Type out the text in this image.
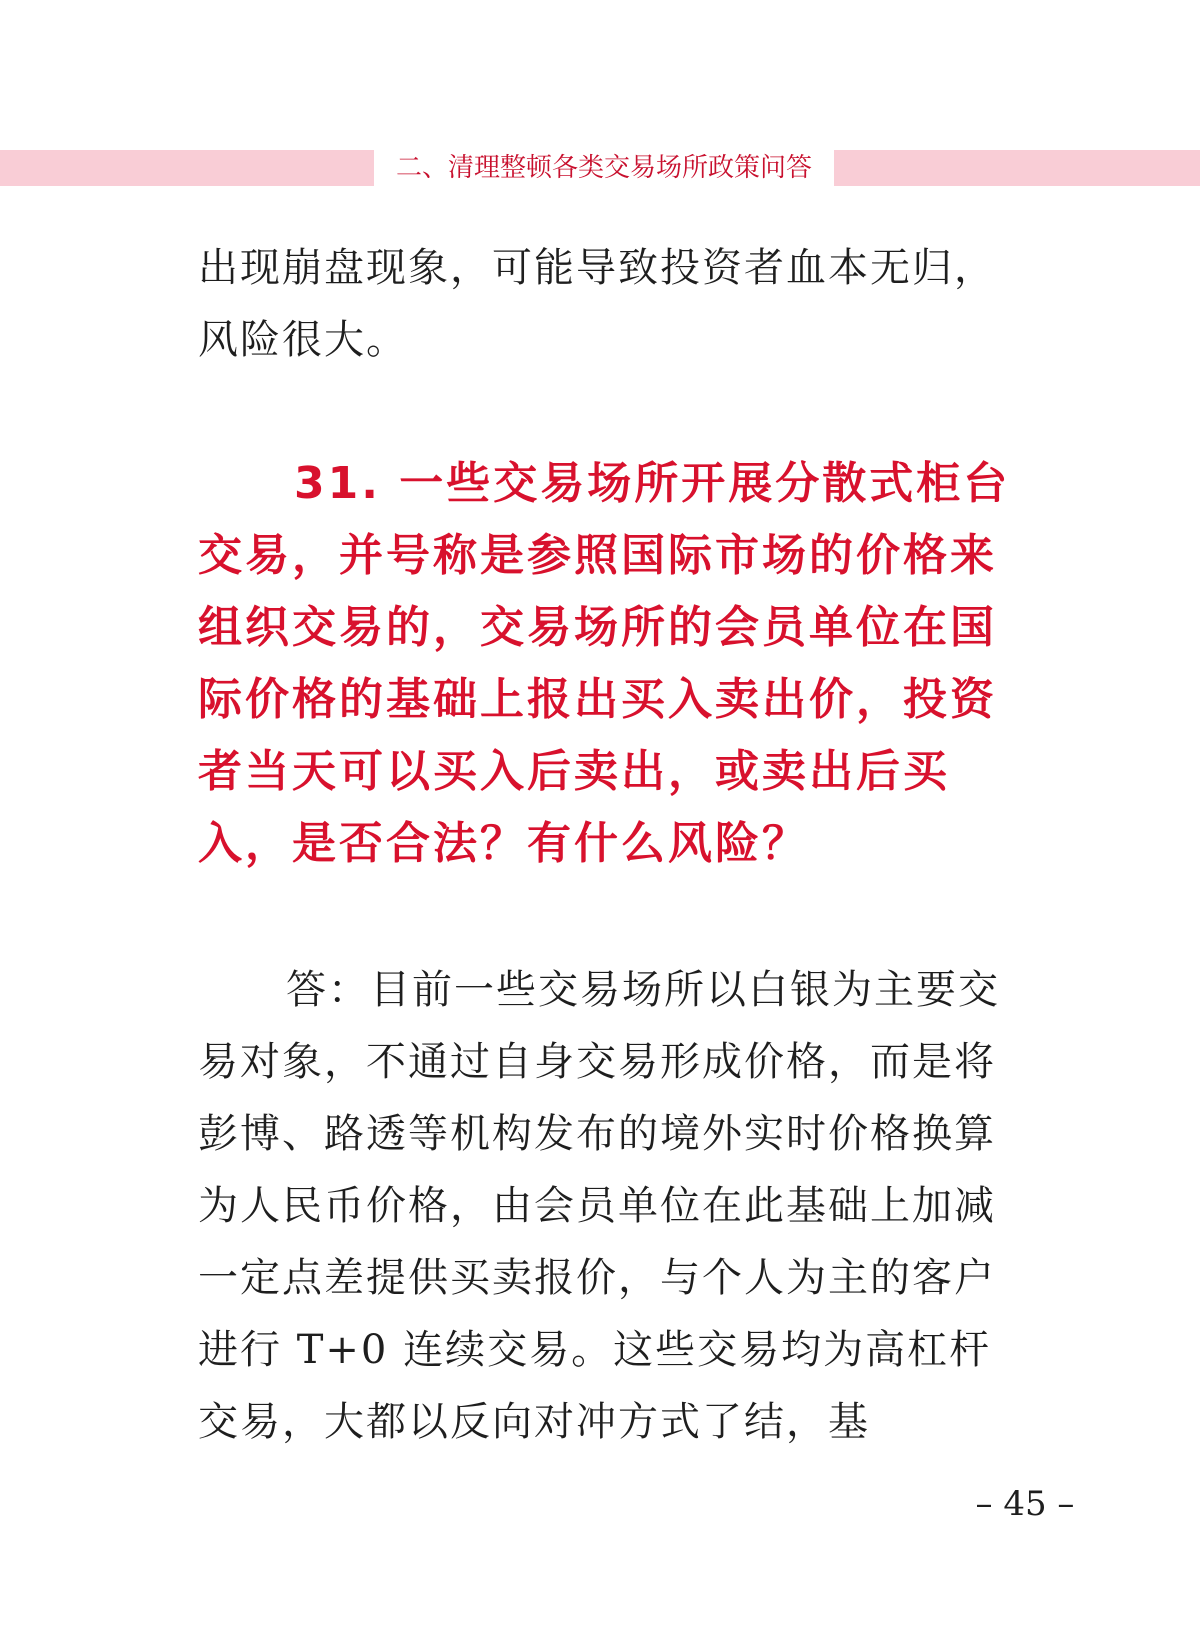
二、清理整顿各类交易场所政策问答

出现崩盘现象，可能导致投资者血本无归，风险很大。

31. 一些交易场所开展分散式柜台交易，并号称是参照国际市场的价格来组织交易的，交易场所的会员单位在国际价格的基础上报出买入卖出价，投资者当天可以买入后卖出，或卖出后买入，是否合法？有什么风险？

答：目前一些交易场所以白银为主要交易对象，不通过自身交易形成价格，而是将彭博、路透等机构发布的境外实时价格换算为人民币价格，由会员单位在此基础上加减一定点差提供买卖报价，与个人为主的客户进行 T+0 连续交易。这些交易均为高杠杆交易，大都以反向对冲方式了结，基

– 45 –
